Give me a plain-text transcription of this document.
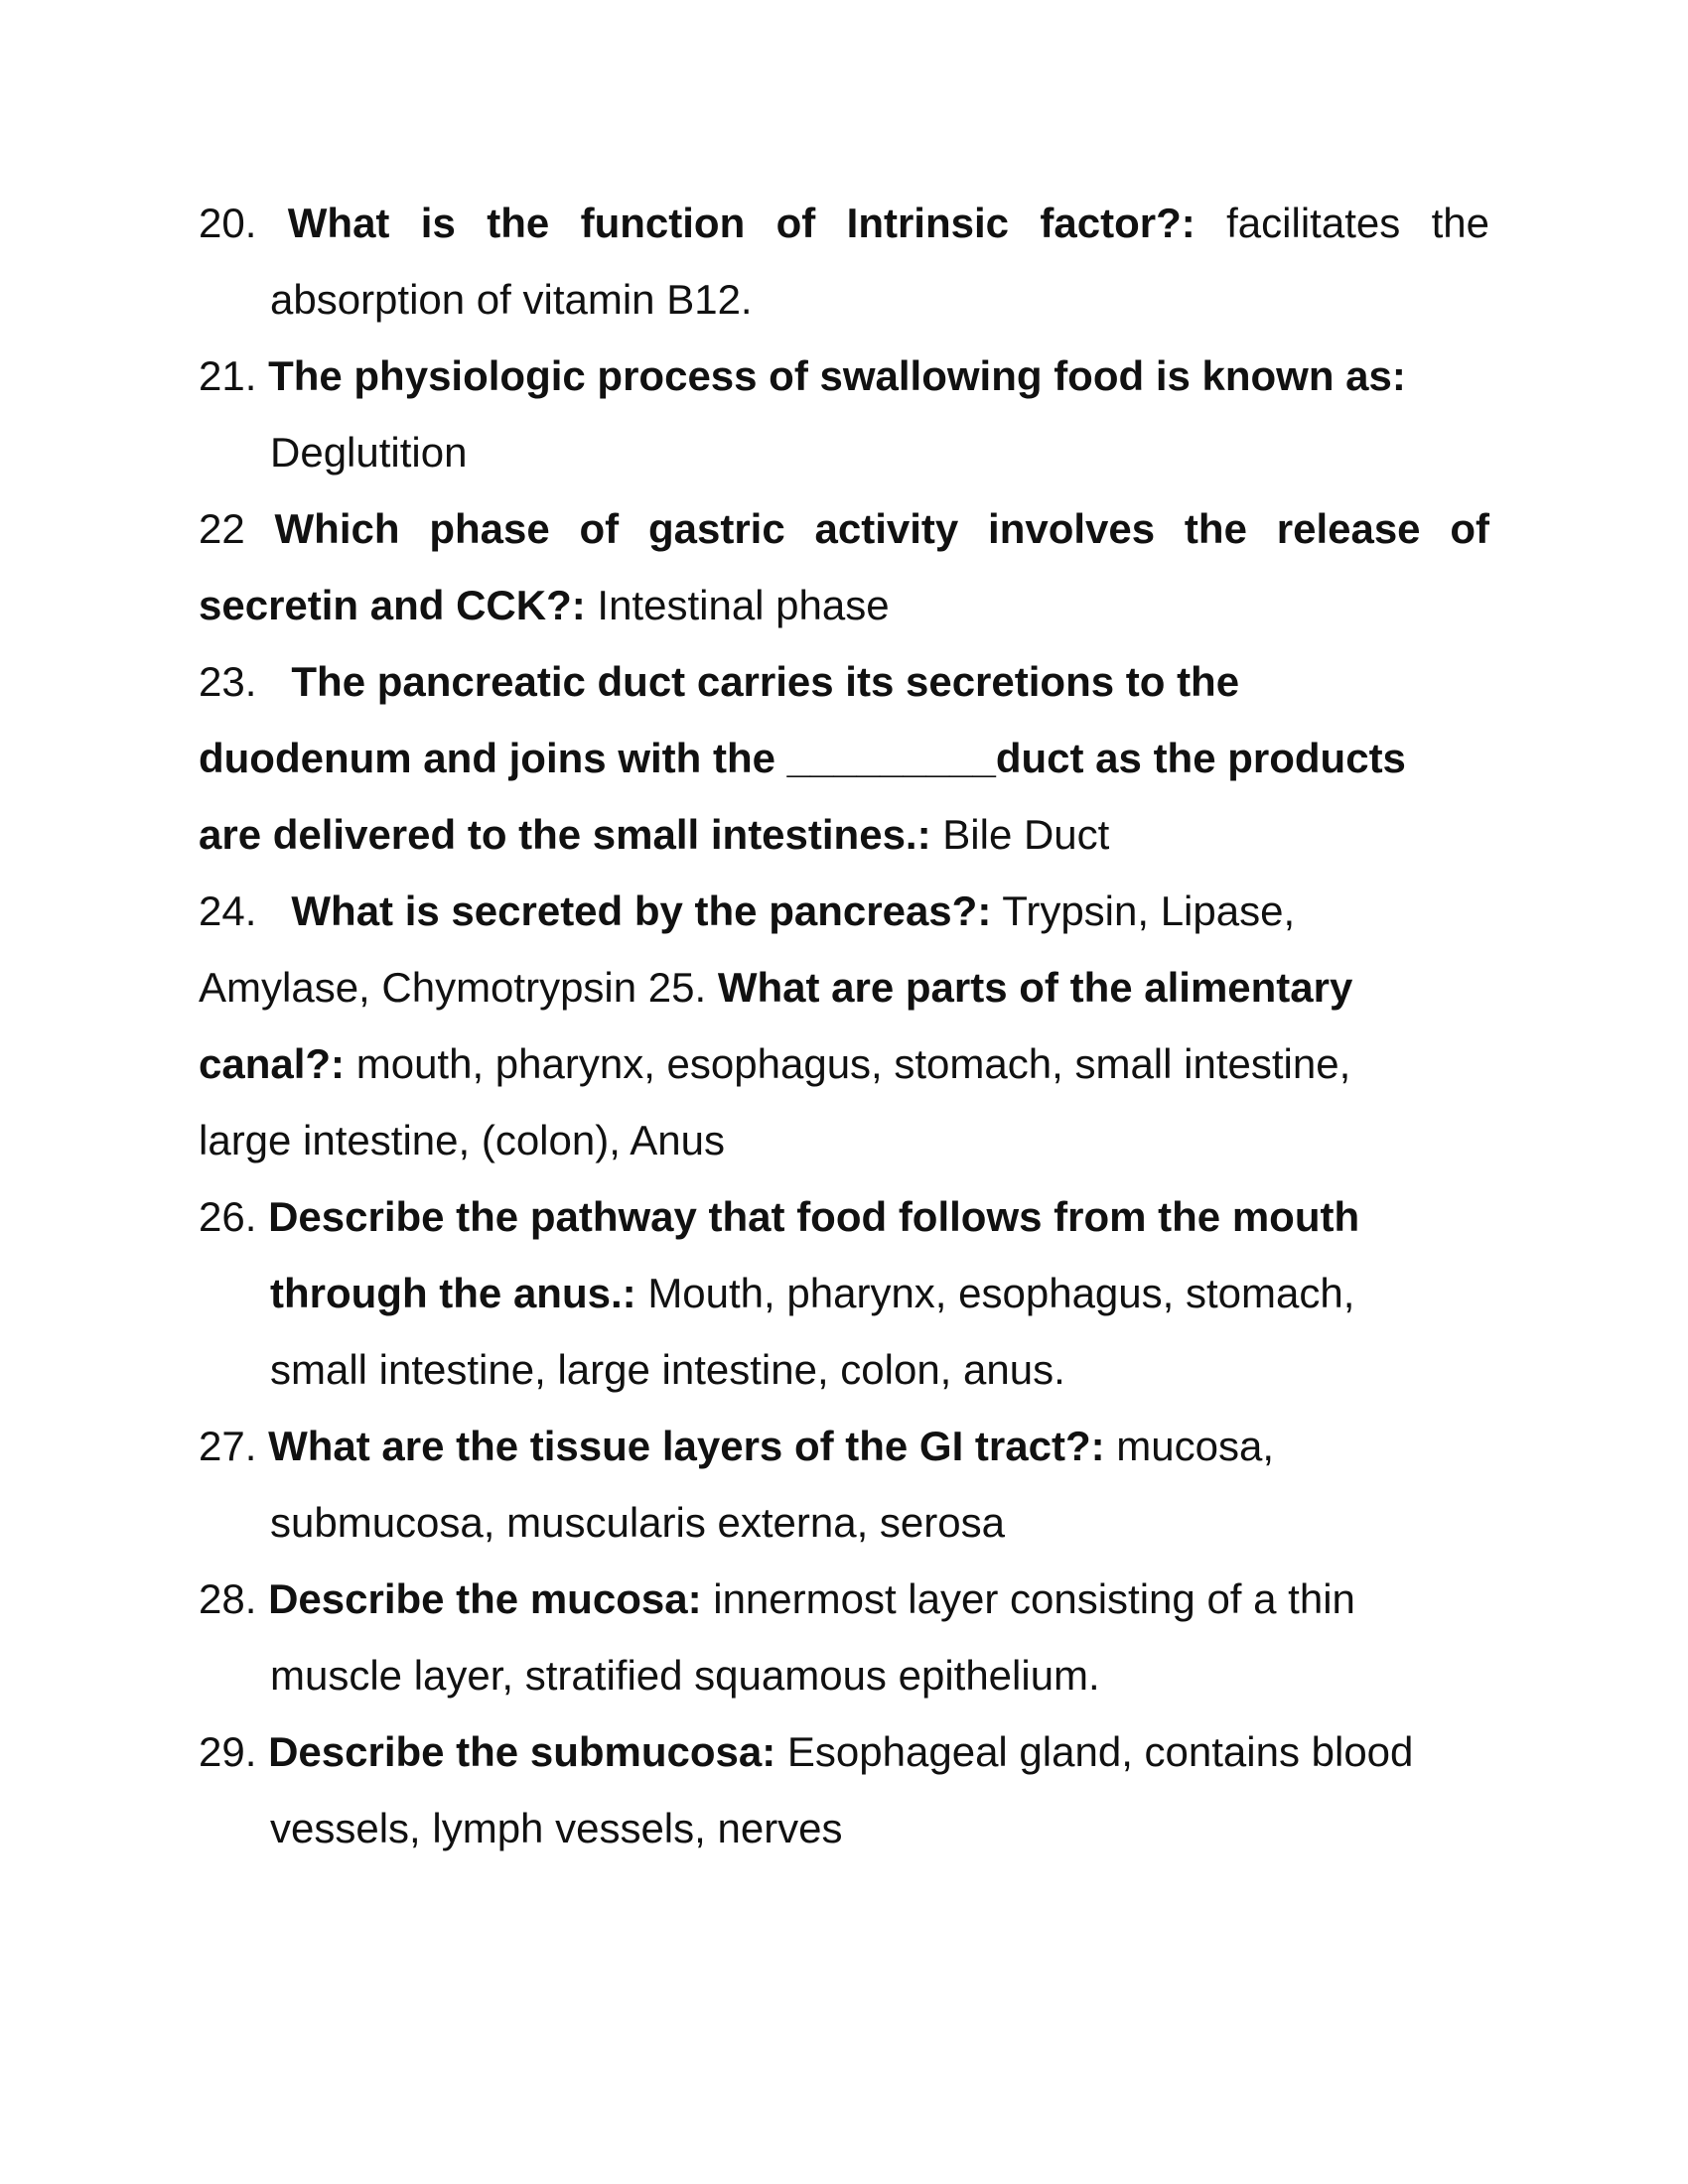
20. What is the function of Intrinsic factor?: facilitates the
absorption of vitamin B12.
21. The physiologic process of swallowing food is known as:
Deglutition
22 Which phase of gastric activity involves the release of
secretin and CCK?: Intestinal phase
23. The pancreatic duct carries its secretions to the
duodenum and joins with the _________duct as the products
are delivered to the small intestines.: Bile Duct
24. What is secreted by the pancreas?: Trypsin, Lipase,
Amylase, Chymotrypsin 25. What are parts of the alimentary
canal?: mouth, pharynx, esophagus, stomach, small intestine,
large intestine, (colon), Anus
26. Describe the pathway that food follows from the mouth
through the anus.: Mouth, pharynx, esophagus, stomach,
small intestine, large intestine, colon, anus.
27. What are the tissue layers of the GI tract?: mucosa,
submucosa, muscularis externa, serosa
28. Describe the mucosa: innermost layer consisting of a thin
muscle layer, stratified squamous epithelium.
29. Describe the submucosa: Esophageal gland, contains blood
vessels, lymph vessels, nerves
